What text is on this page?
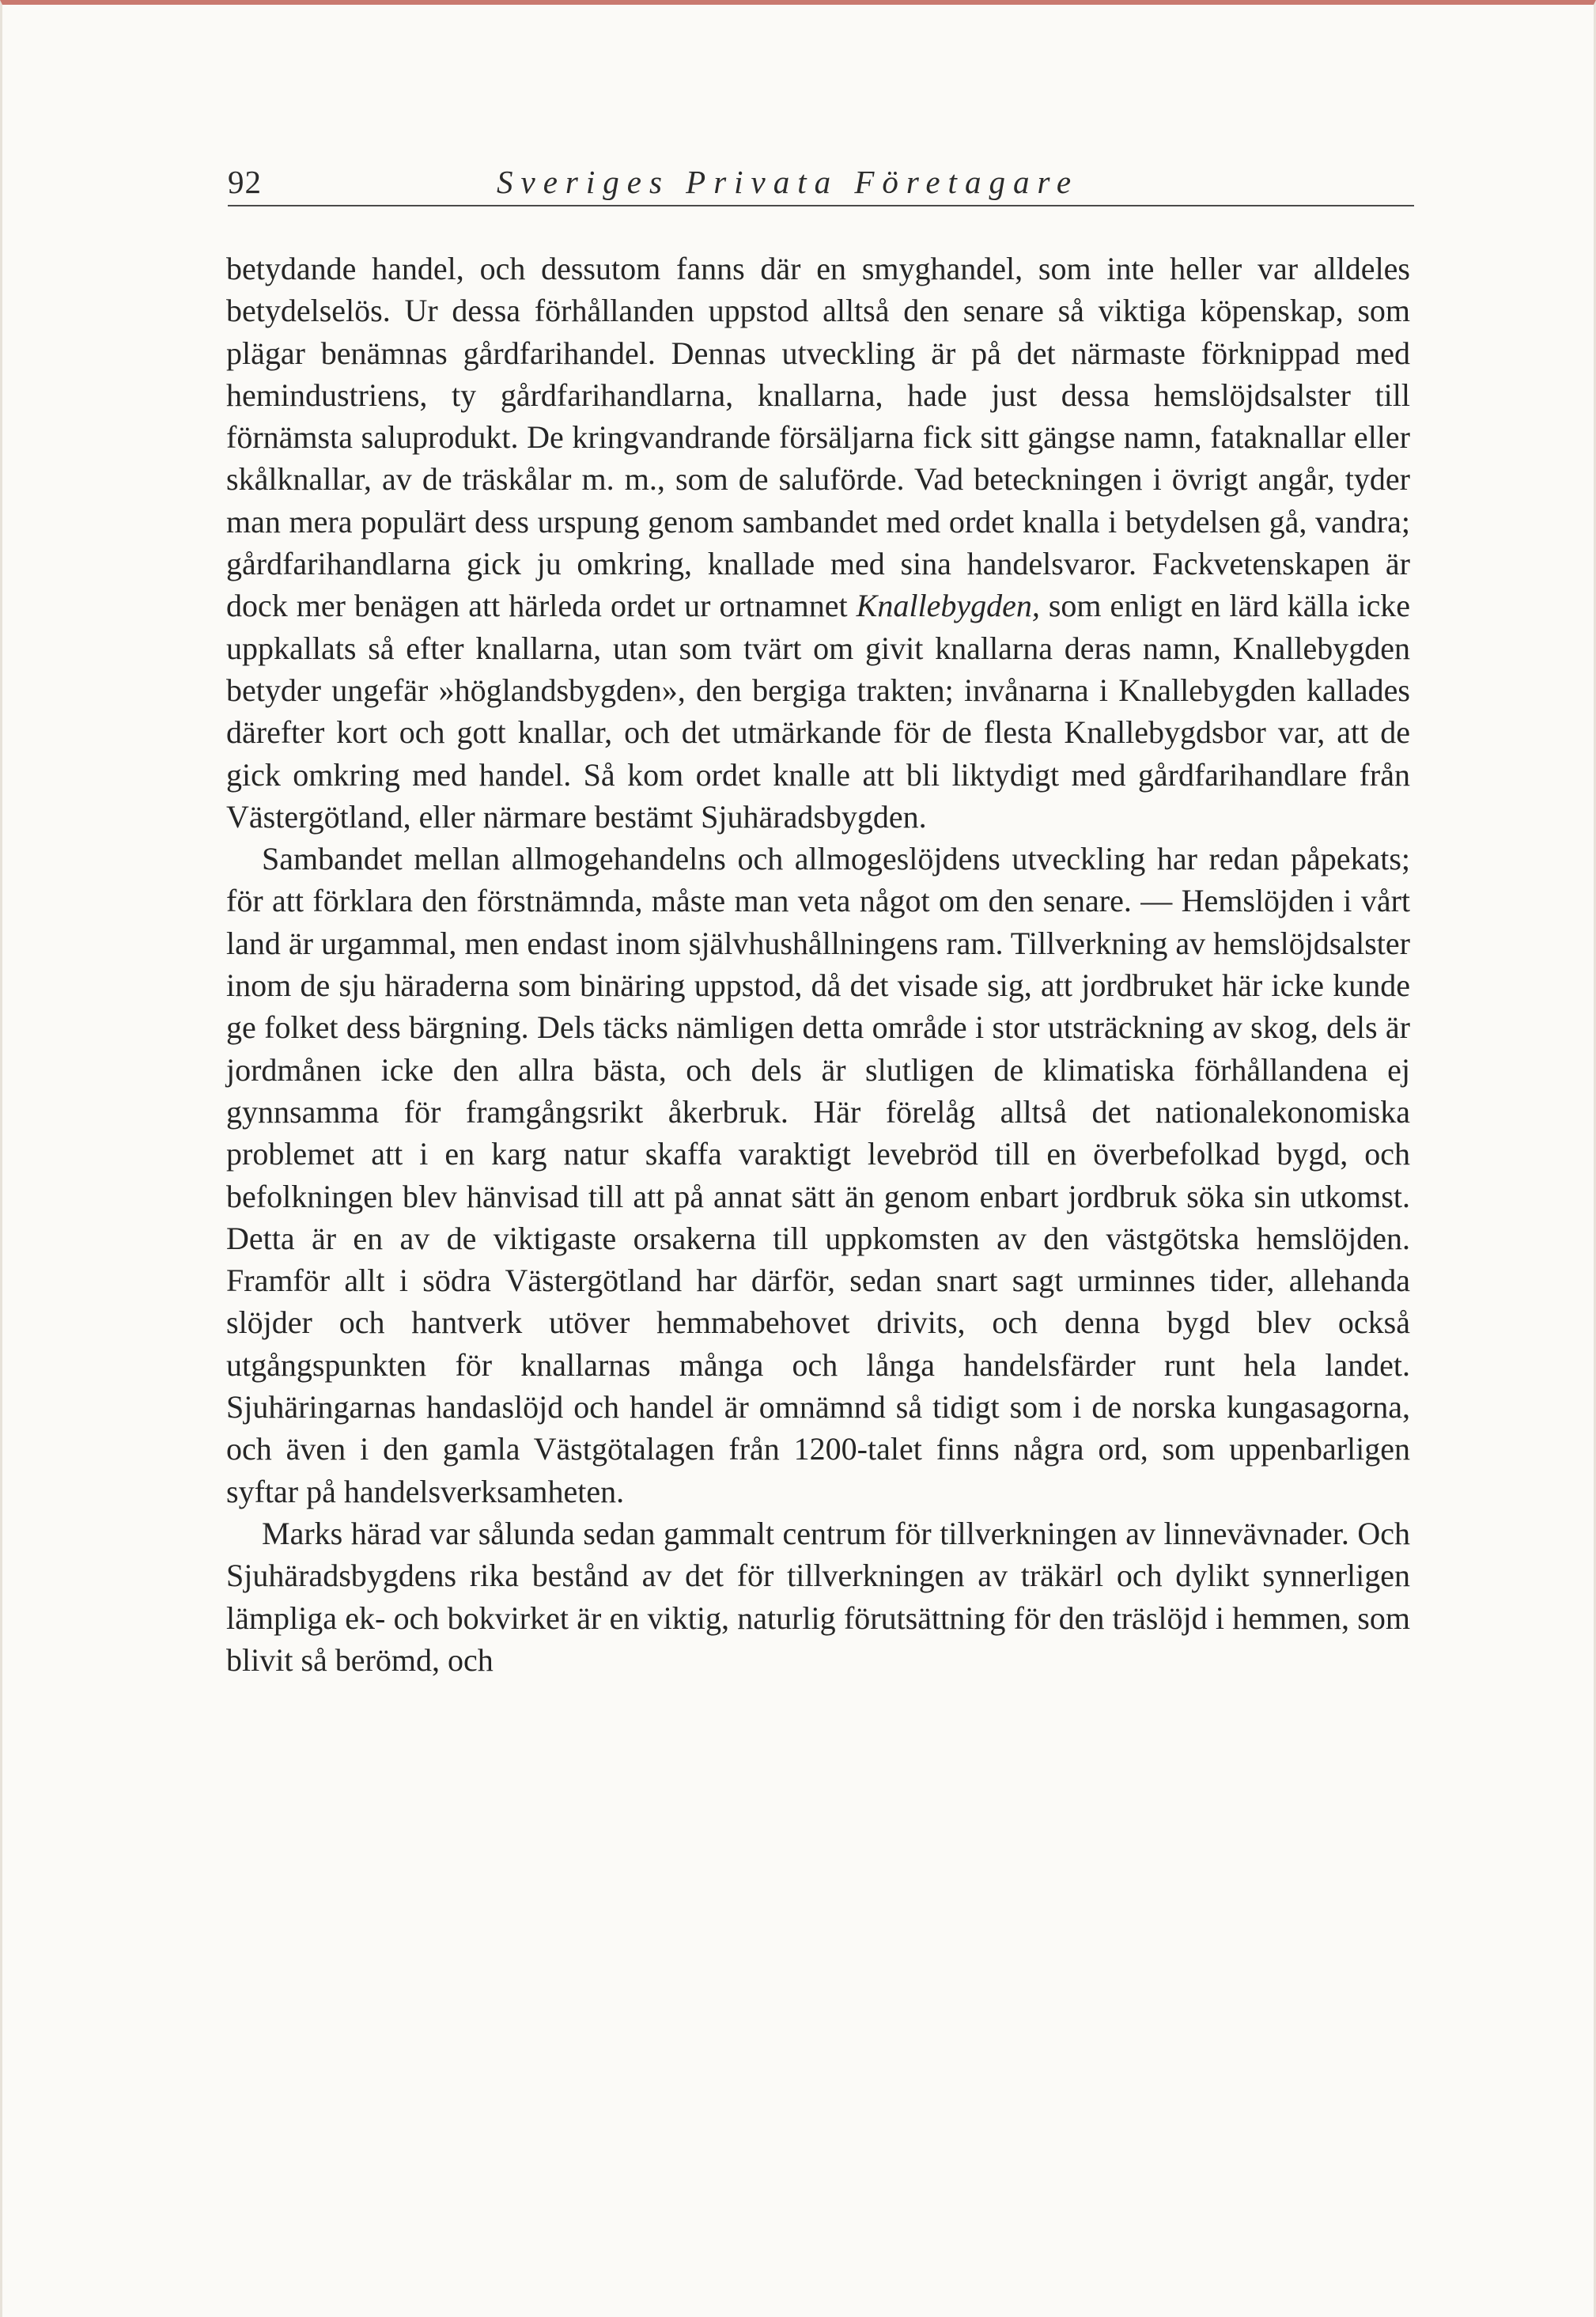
92	Sveriges Privata Företagare

betydande handel, och dessutom fanns där en smyghandel, som inte heller var alldeles betydelselös. Ur dessa förhållanden uppstod alltså den senare så viktiga köpenskap, som plägar benämnas gårdfarihandel. Dennas utveckling är på det närmaste förknippad med hemindustriens, ty gårdfarihandlarna, knallarna, hade just dessa hemslöjdsalster till förnämsta saluprodukt. De kringvandrande försäljarna fick sitt gängse namn, fataknallar eller skålknallar, av de träskålar m. m., som de saluförde. Vad beteckningen i övrigt angår, tyder man mera populärt dess urspung genom sambandet med ordet knalla i betydelsen gå, vandra; gårdfarihandlarna gick ju omkring, knallade med sina handelsvaror. Fackvetenskapen är dock mer benägen att härleda ordet ur ortnamnet Knallebygden, som enligt en lärd källa icke uppkallats så efter knallarna, utan som tvärt om givit knallarna deras namn, Knallebygden betyder ungefär »höglandsbygden», den bergiga trakten; invånarna i Knallebygden kallades därefter kort och gott knallar, och det utmärkande för de flesta Knallebygdsbor var, att de gick omkring med handel. Så kom ordet knalle att bli liktydigt med gårdfarihandlare från Västergötland, eller närmare bestämt Sjuhäradsbygden.

Sambandet mellan allmogehandelns och allmogeslöjdens utveckling har redan påpekats; för att förklara den förstnämnda, måste man veta något om den senare. — Hemslöjden i vårt land är urgammal, men endast inom självhushållningens ram. Tillverkning av hemslöjdsalster inom de sju häraderna som binäring uppstod, då det visade sig, att jordbruket här icke kunde ge folket dess bärgning. Dels täcks nämligen detta område i stor utsträckning av skog, dels är jordmånen icke den allra bästa, och dels är slutligen de klimatiska förhållandena ej gynnsamma för framgångsrikt åkerbruk. Här förelåg alltså det nationalekonomiska problemet att i en karg natur skaffa varaktigt levebröd till en överbefolkad bygd, och befolkningen blev hänvisad till att på annat sätt än genom enbart jordbruk söka sin utkomst. Detta är en av de viktigaste orsakerna till uppkomsten av den västgötska hemslöjden. Framför allt i södra Västergötland har därför, sedan snart sagt urminnes tider, allehanda slöjder och hantverk utöver hemmabehovet drivits, och denna bygd blev också utgångspunkten för knallarnas många och långa handelsfärder runt hela landet. Sjuhäringarnas handaslöjd och handel är omnämnd så tidigt som i de norska kungasagorna, och även i den gamla Västgötalagen från 1200-talet finns några ord, som uppenbarligen syftar på handelsverksamheten.

Marks härad var sålunda sedan gammalt centrum för tillverkningen av linnevävnader. Och Sjuhäradsbygdens rika bestånd av det för tillverkningen av träkärl och dylikt synnerligen lämpliga ek- och bokvirket är en viktig, naturlig förutsättning för den träslöjd i hemmen, som blivit så berömd, och
